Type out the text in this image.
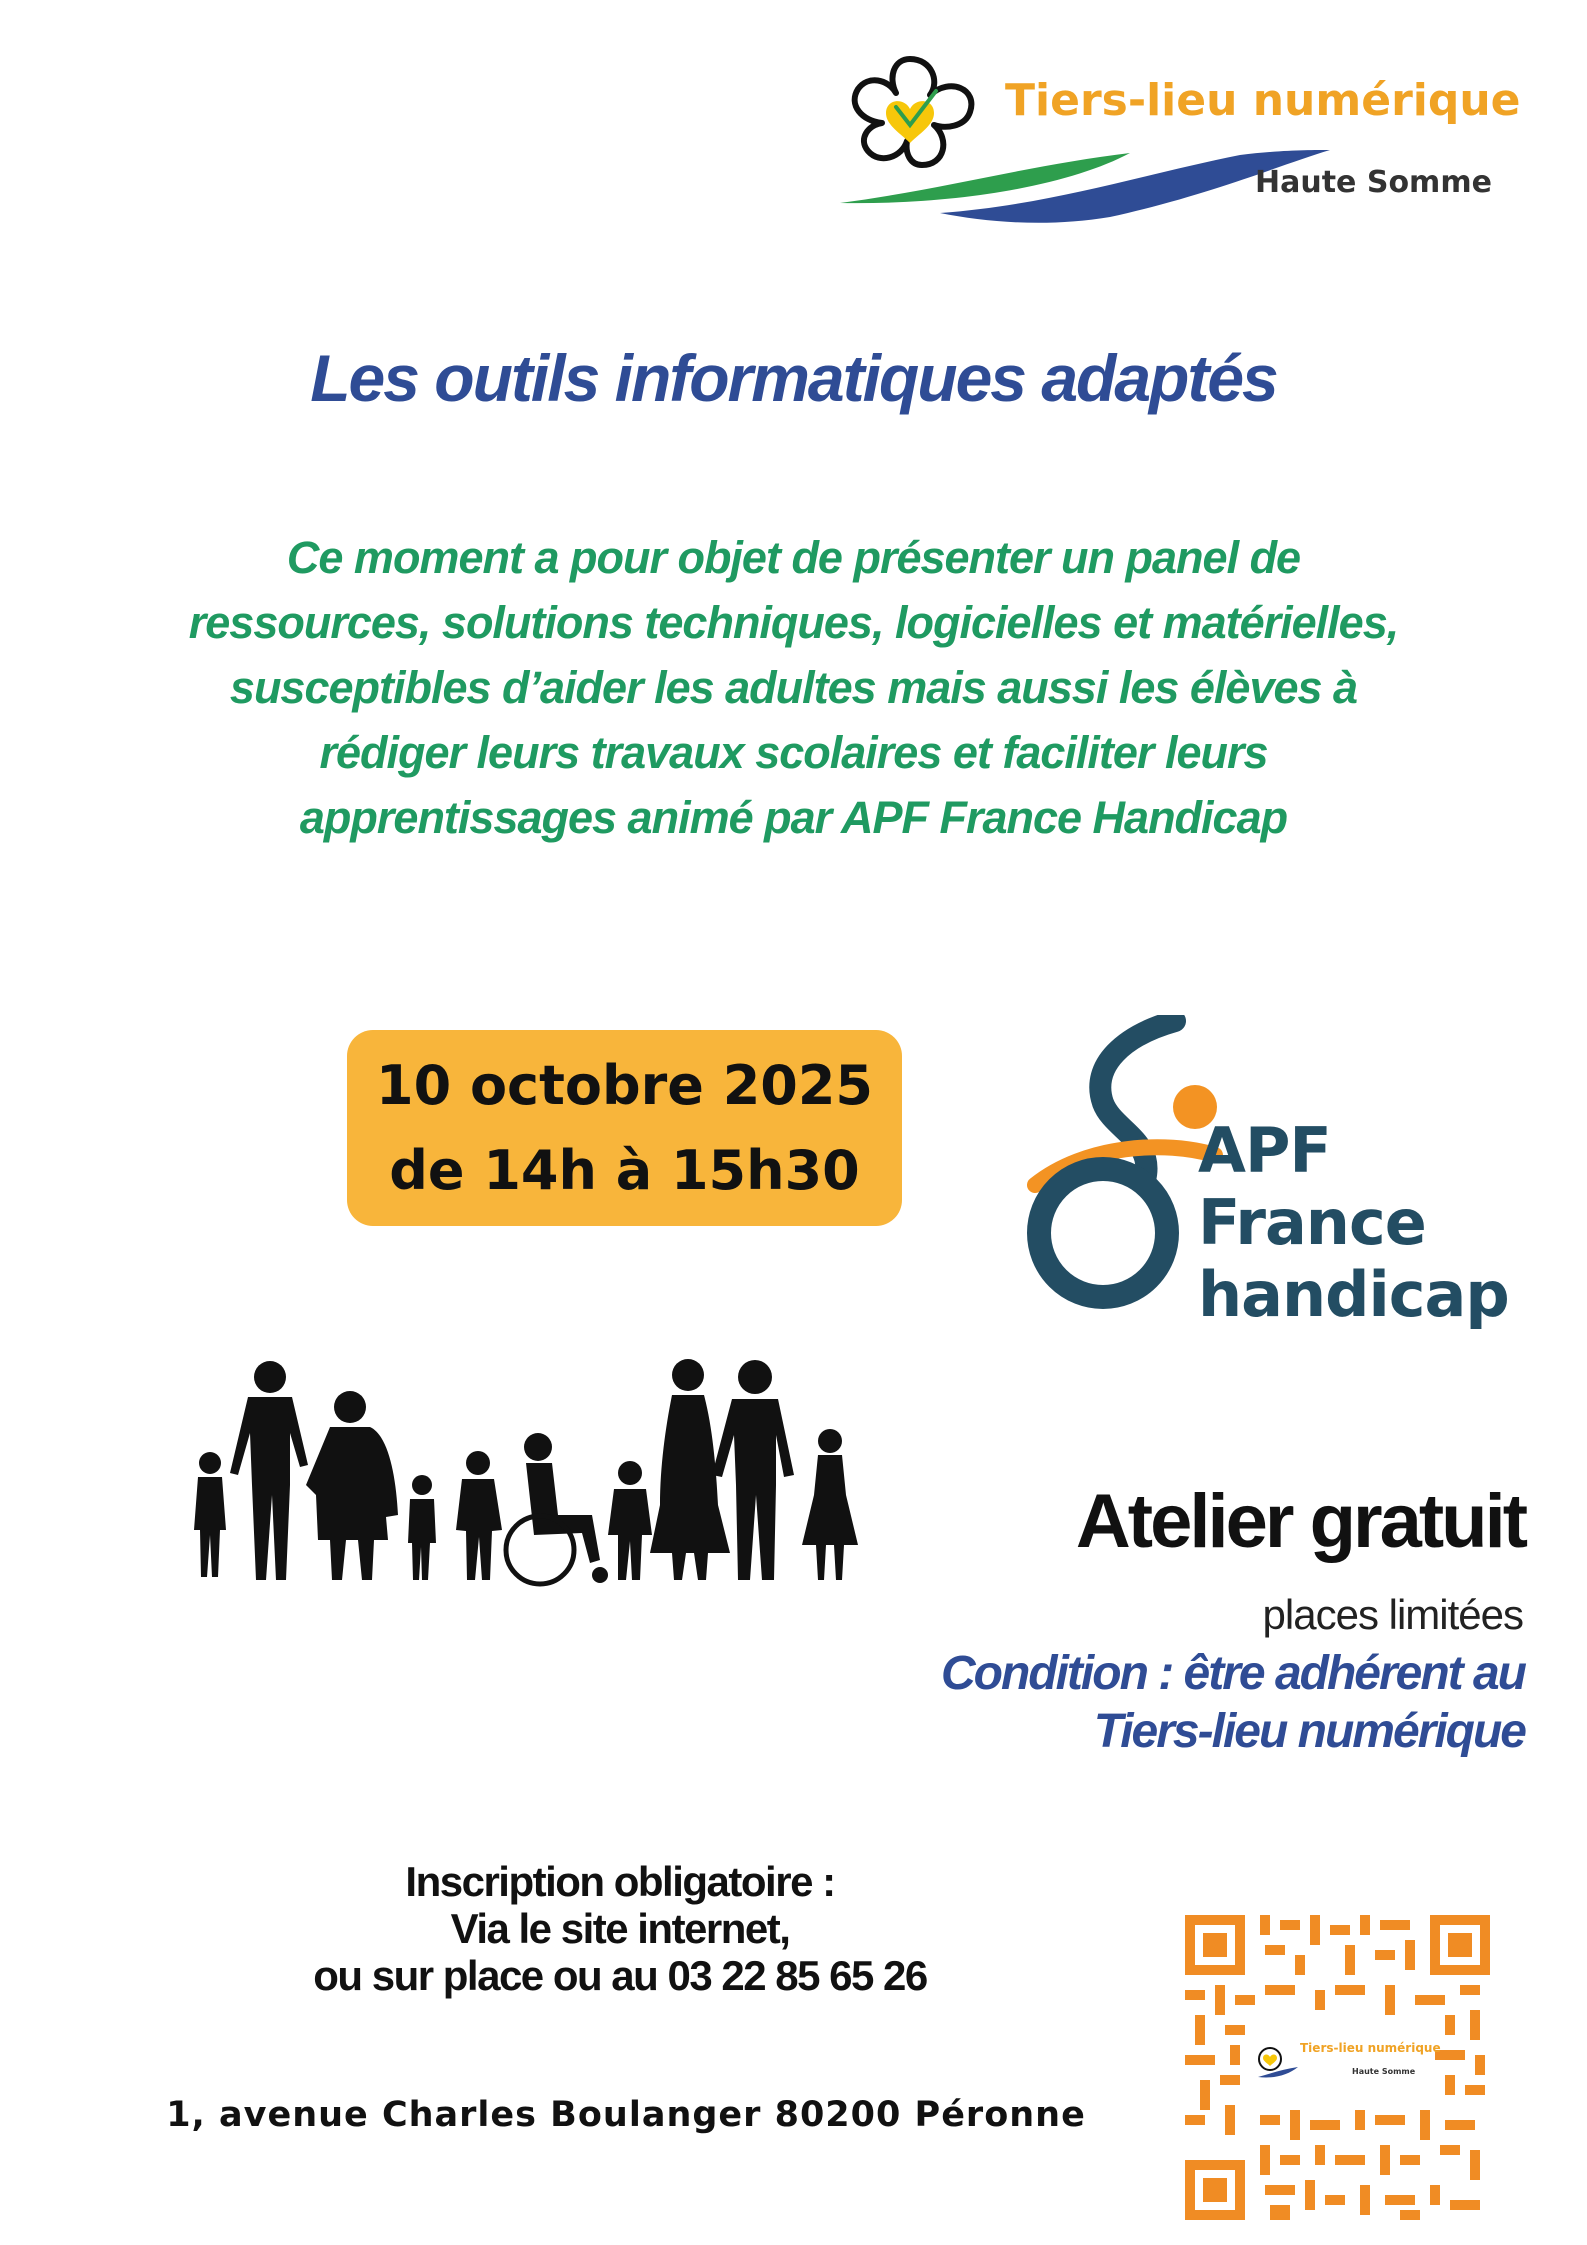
Tiers-lieu numérique
Haute Somme
Les outils informatiques adaptés
Ce moment a pour objet de présenter un panel de
ressources, solutions techniques, logicielles et matérielles,
susceptibles d’aider les adultes mais aussi les élèves à
rédiger leurs travaux scolaires et faciliter leurs
apprentissages animé par APF France Handicap
10 octobre 2025
de 14h à 15h30	APF
France
handicap
Atelier gratuit
places limitées
Condition : être adhérent au
Tiers-lieu numérique
Inscription obligatoire :
Via le site internet,
ou sur place ou au 03 22 85 65 26
1, avenue Charles Boulanger 80200 Péronne
Tiers-lieu numérique
Haute Somme
